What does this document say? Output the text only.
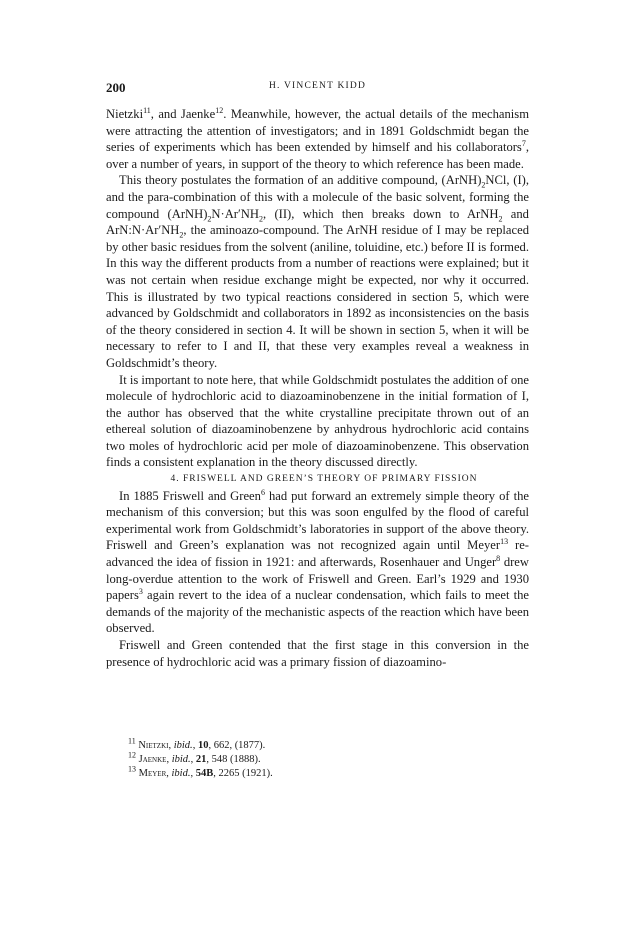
200	H. VINCENT KIDD

Nietzki$^{11}$, and Jaenke$^{12}$. Meanwhile, however, the actual details of the mechanism were attracting the attention of investigators; and in 1891 Goldschmidt began the series of experiments which has been extended by himself and his collaborators$^7$, over a number of years, in support of the theory to which reference has been made.

This theory postulates the formation of an additive compound, $(ArNH)_2NCl$, (I), and the para-combination of this with a molecule of the basic solvent, forming the compound $(ArNH)_2N\cdot Ar'NH_2$, (II), which then breaks down to ArNH$_2$ and $ArN:N\cdot Ar'NH_2$, the aminoazo-compound. The ArNH residue of I may be replaced by other basic residues from the solvent (aniline, toluidine, etc.) before II is formed. In this way the different products from a number of reactions were explained; but it was not certain when residue exchange might be expected, nor why it occurred. This is illustrated by two typical reactions considered in section 5, which were advanced by Goldschmidt and collaborators in 1892 as inconsistencies on the basis of the theory considered in section 4. It will be shown in section 5, when it will be necessary to refer to I and II, that these very examples reveal a weakness in Goldschmidt’s theory.

It is important to note here, that while Goldschmidt postulates the addition of one molecule of hydrochloric acid to diazoaminobenzene in the initial formation of I, the author has observed that the white crystalline precipitate thrown out of an ethereal solution of diazoaminobenzene by anhydrous hydrochloric acid contains two moles of hydrochloric acid per mole of diazoaminobenzene. This observation finds a consistent explanation in the theory discussed directly.

4. FRISWELL AND GREEN’S THEORY OF PRIMARY FISSION

In 1885 Friswell and Green$^6$ had put forward an extremely simple theory of the mechanism of this conversion; but this was soon engulfed by the flood of careful experimental work from Goldschmidt’s laboratories in support of the above theory. Friswell and Green’s explanation was not recognized again until Meyer$^{13}$ re-advanced the idea of fission in 1921: and afterwards, Rosenhauer and Unger$^8$ drew long-overdue attention to the work of Friswell and Green. Earl’s 1929 and 1930 papers$^3$ again revert to the idea of a nuclear condensation, which fails to meet the demands of the majority of the mechanistic aspects of the reaction which have been observed.

Friswell and Green contended that the first stage in this conversion in the presence of hydrochloric acid was a primary fission of diazoamino-

$^{11}$ Nietzki, ibid., 10, 662, (1877).

$^{12}$ Jaenke, ibid., 21, 548 (1888).

$^{13}$ Meyer, ibid., 54B, 2265 (1921).
